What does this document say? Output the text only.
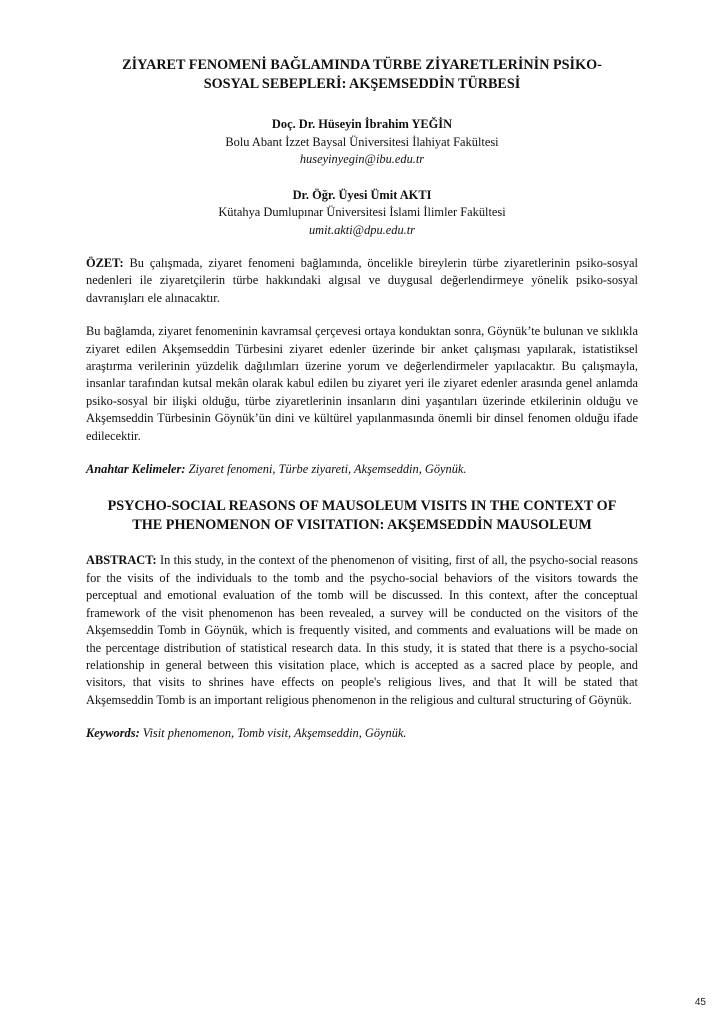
ZİYARET FENOMENİ BAĞLAMINDA TÜRBE ZİYARETLERİNİN PSİKO-
SOSYAL SEBEPLERİ: AKŞEMSEDDİN TÜRBESİ
Doç. Dr. Hüseyin İbrahim YEĞİN
Bolu Abant İzzet Baysal Üniversitesi İlahiyat Fakültesi
huseyinyegin@ibu.edu.tr
Dr. Öğr. Üyesi Ümit AKTI
Kütahya Dumlupınar Üniversitesi İslami İlimler Fakültesi
umit.akti@dpu.edu.tr

ÖZET: Bu çalışmada, ziyaret fenomeni bağlamında, öncelikle bireylerin türbe ziyaretlerinin psiko-sosyal nedenleri ile ziyaretçilerin türbe hakkındaki algısal ve duygusal değerlendirmeye yönelik psiko-sosyal davranışları ele alınacaktır.

Bu bağlamda, ziyaret fenomeninin kavramsal çerçevesi ortaya konduktan sonra, Göynük’te bulunan ve sıklıkla ziyaret edilen Akşemseddin Türbesini ziyaret edenler üzerinde bir anket çalışması yapılarak, istatistiksel araştırma verilerinin yüzdelik dağılımları üzerine yorum ve değerlendirmeler yapılacaktır. Bu çalışmayla, insanlar tarafından kutsal mekân olarak kabul edilen bu ziyaret yeri ile ziyaret edenler arasında genel anlamda psiko-sosyal bir ilişki olduğu, türbe ziyaretlerinin insanların dini yaşantıları üzerinde etkilerinin olduğu ve Akşemseddin Türbesinin Göynük’ün dini ve kültürel yapılanmasında önemli bir dinsel fenomen olduğu ifade edilecektir.

Anahtar Kelimeler: Ziyaret fenomeni, Türbe ziyareti, Akşemseddin, Göynük.

PSYCHO-SOCIAL REASONS OF MAUSOLEUM VISITS IN THE CONTEXT OF
THE PHENOMENON OF VISITATION: AKŞEMSEDDİN MAUSOLEUM

ABSTRACT: In this study, in the context of the phenomenon of visiting, first of all, the psycho-social reasons for the visits of the individuals to the tomb and the psycho-social behaviors of the visitors towards the perceptual and emotional evaluation of the tomb will be discussed. In this context, after the conceptual framework of the visit phenomenon has been revealed, a survey will be conducted on the visitors of the Akşemseddin Tomb in Göynük, which is frequently visited, and comments and evaluations will be made on the percentage distribution of statistical research data. In this study, it is stated that there is a psycho-social relationship in general between this visitation place, which is accepted as a sacred place by people, and visitors, that visits to shrines have effects on people's religious lives, and that It will be stated that Akşemseddin Tomb is an important religious phenomenon in the religious and cultural structuring of Göynük.

Keywords: Visit phenomenon, Tomb visit, Akşemseddin, Göynük.

45
